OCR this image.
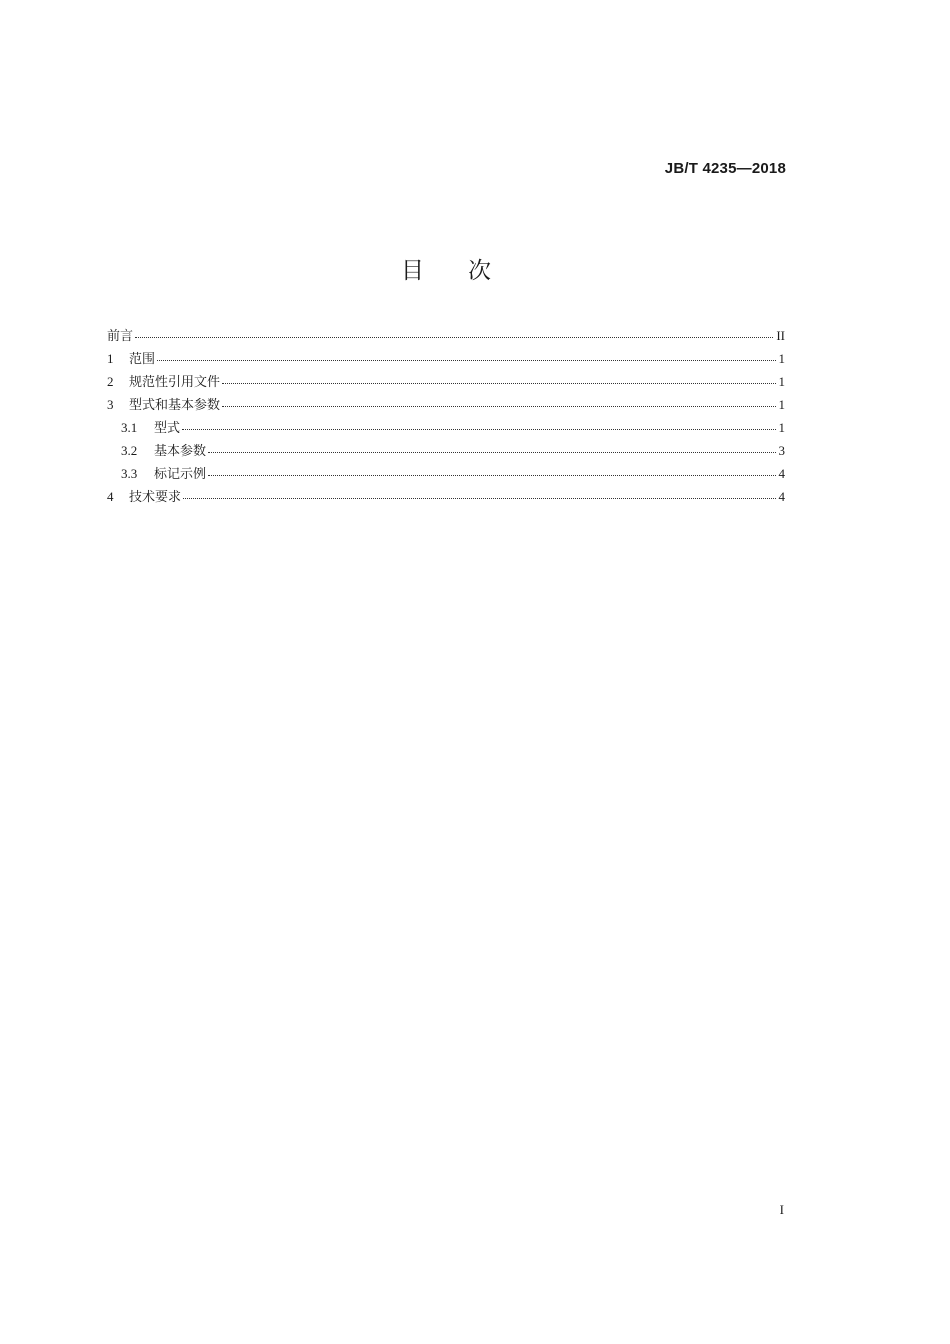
JB/T 4235—2018
目 次
前言	II
1	范围	1
2	规范性引用文件	1
3	型式和基本参数	1
3.1	型式	1
3.2	基本参数	3
3.3	标记示例	4
4	技术要求	4
I
